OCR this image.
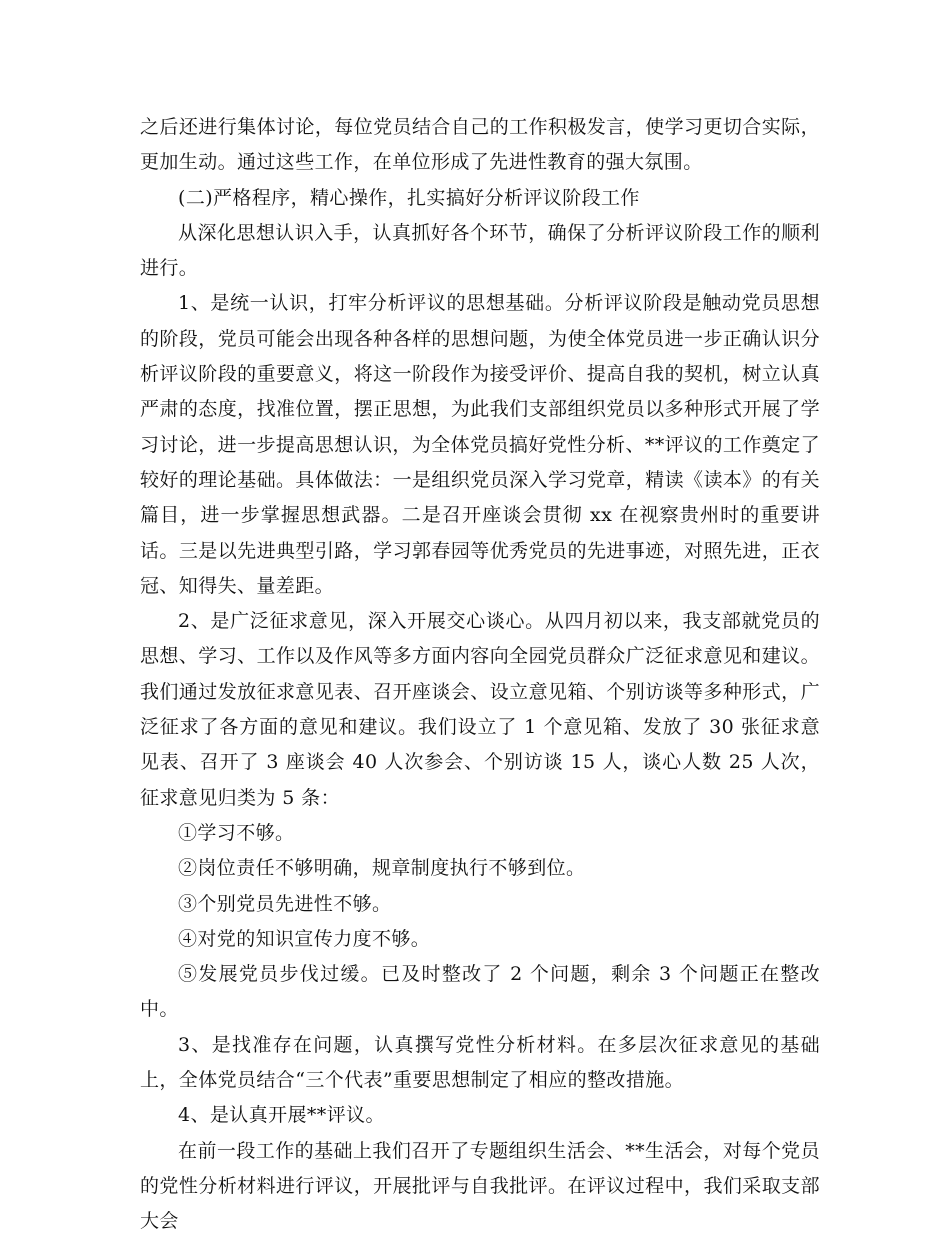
之后还进行集体讨论，每位党员结合自己的工作积极发言，使学习更切合实际，更加生动。通过这些工作，在单位形成了先进性教育的强大氛围。

(二)严格程序，精心操作，扎实搞好分析评议阶段工作

从深化思想认识入手，认真抓好各个环节，确保了分析评议阶段工作的顺利进行。

1、是统一认识，打牢分析评议的思想基础。分析评议阶段是触动党员思想的阶段，党员可能会出现各种各样的思想问题，为使全体党员进一步正确认识分析评议阶段的重要意义，将这一阶段作为接受评价、提高自我的契机，树立认真严肃的态度，找准位置，摆正思想，为此我们支部组织党员以多种形式开展了学习讨论，进一步提高思想认识，为全体党员搞好党性分析、**评议的工作奠定了较好的理论基础。具体做法：一是组织党员深入学习党章，精读《读本》的有关篇目，进一步掌握思想武器。二是召开座谈会贯彻 xx 在视察贵州时的重要讲话。三是以先进典型引路，学习郭春园等优秀党员的先进事迹，对照先进，正衣冠、知得失、量差距。

2、是广泛征求意见，深入开展交心谈心。从四月初以来，我支部就党员的思想、学习、工作以及作风等多方面内容向全园党员群众广泛征求意见和建议。我们通过发放征求意见表、召开座谈会、设立意见箱、个别访谈等多种形式，广泛征求了各方面的意见和建议。我们设立了 1 个意见箱、发放了 30 张征求意见表、召开了 3 座谈会 40 人次参会、个别访谈 15 人，谈心人数 25 人次，征求意见归类为 5 条：

①学习不够。

②岗位责任不够明确，规章制度执行不够到位。

③个别党员先进性不够。

④对党的知识宣传力度不够。

⑤发展党员步伐过缓。已及时整改了 2 个问题，剩余 3 个问题正在整改中。

3、是找准存在问题，认真撰写党性分析材料。在多层次征求意见的基础上，全体党员结合“三个代表”重要思想制定了相应的整改措施。

4、是认真开展**评议。

在前一段工作的基础上我们召开了专题组织生活会、**生活会，对每个党员的党性分析材料进行评议，开展批评与自我批评。在评议过程中，我们采取支部大会
